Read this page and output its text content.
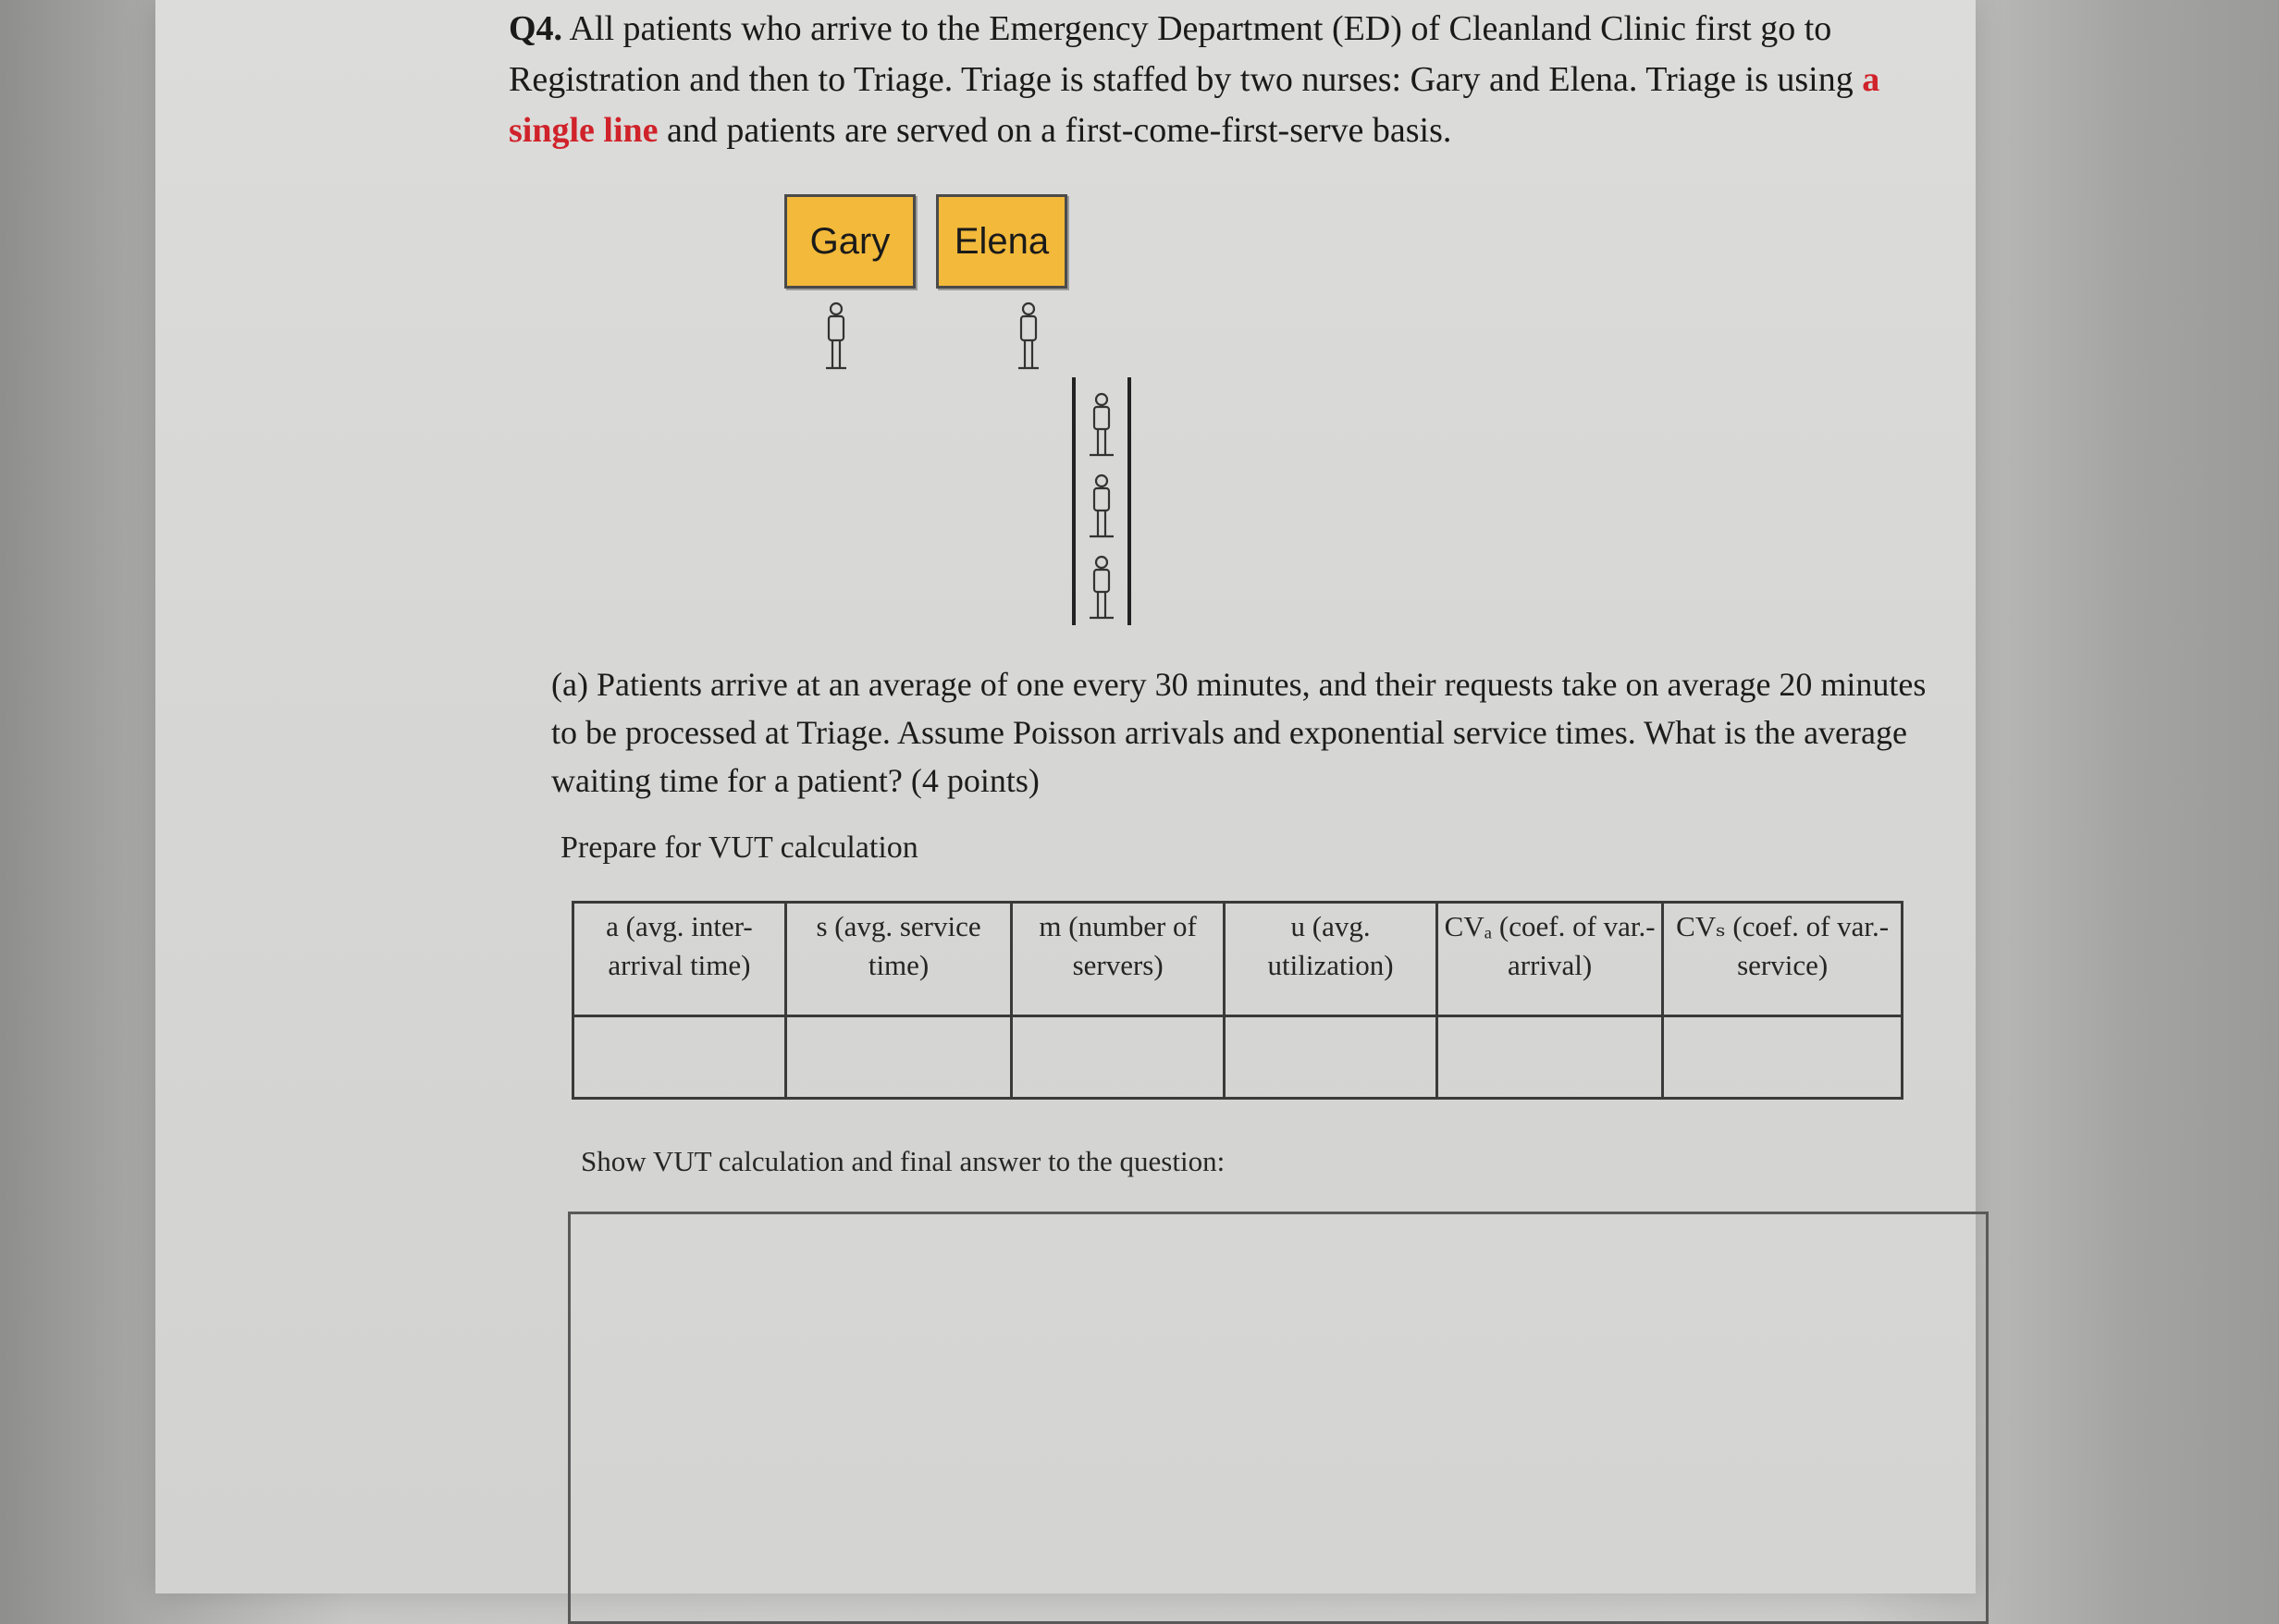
Q4. All patients who arrive to the Emergency Department (ED) of Cleanland Clinic first go to Registration and then to Triage. Triage is staffed by two nurses: Gary and Elena. Triage is using a single line and patients are served on a first-come-first-serve basis.

Gary Elena

(a) Patients arrive at an average of one every 30 minutes, and their requests take on average 20 minutes to be processed at Triage. Assume Poisson arrivals and exponential service times. What is the average waiting time for a patient? (4 points)

Prepare for VUT calculation
a (avg. inter-arrival time)	s (avg. service time)	m (number of servers)	u (avg. utilization)	CVₐ (coef. of var.- arrival)	CVₛ (coef. of var.- service)

Show VUT calculation and final answer to the question:
